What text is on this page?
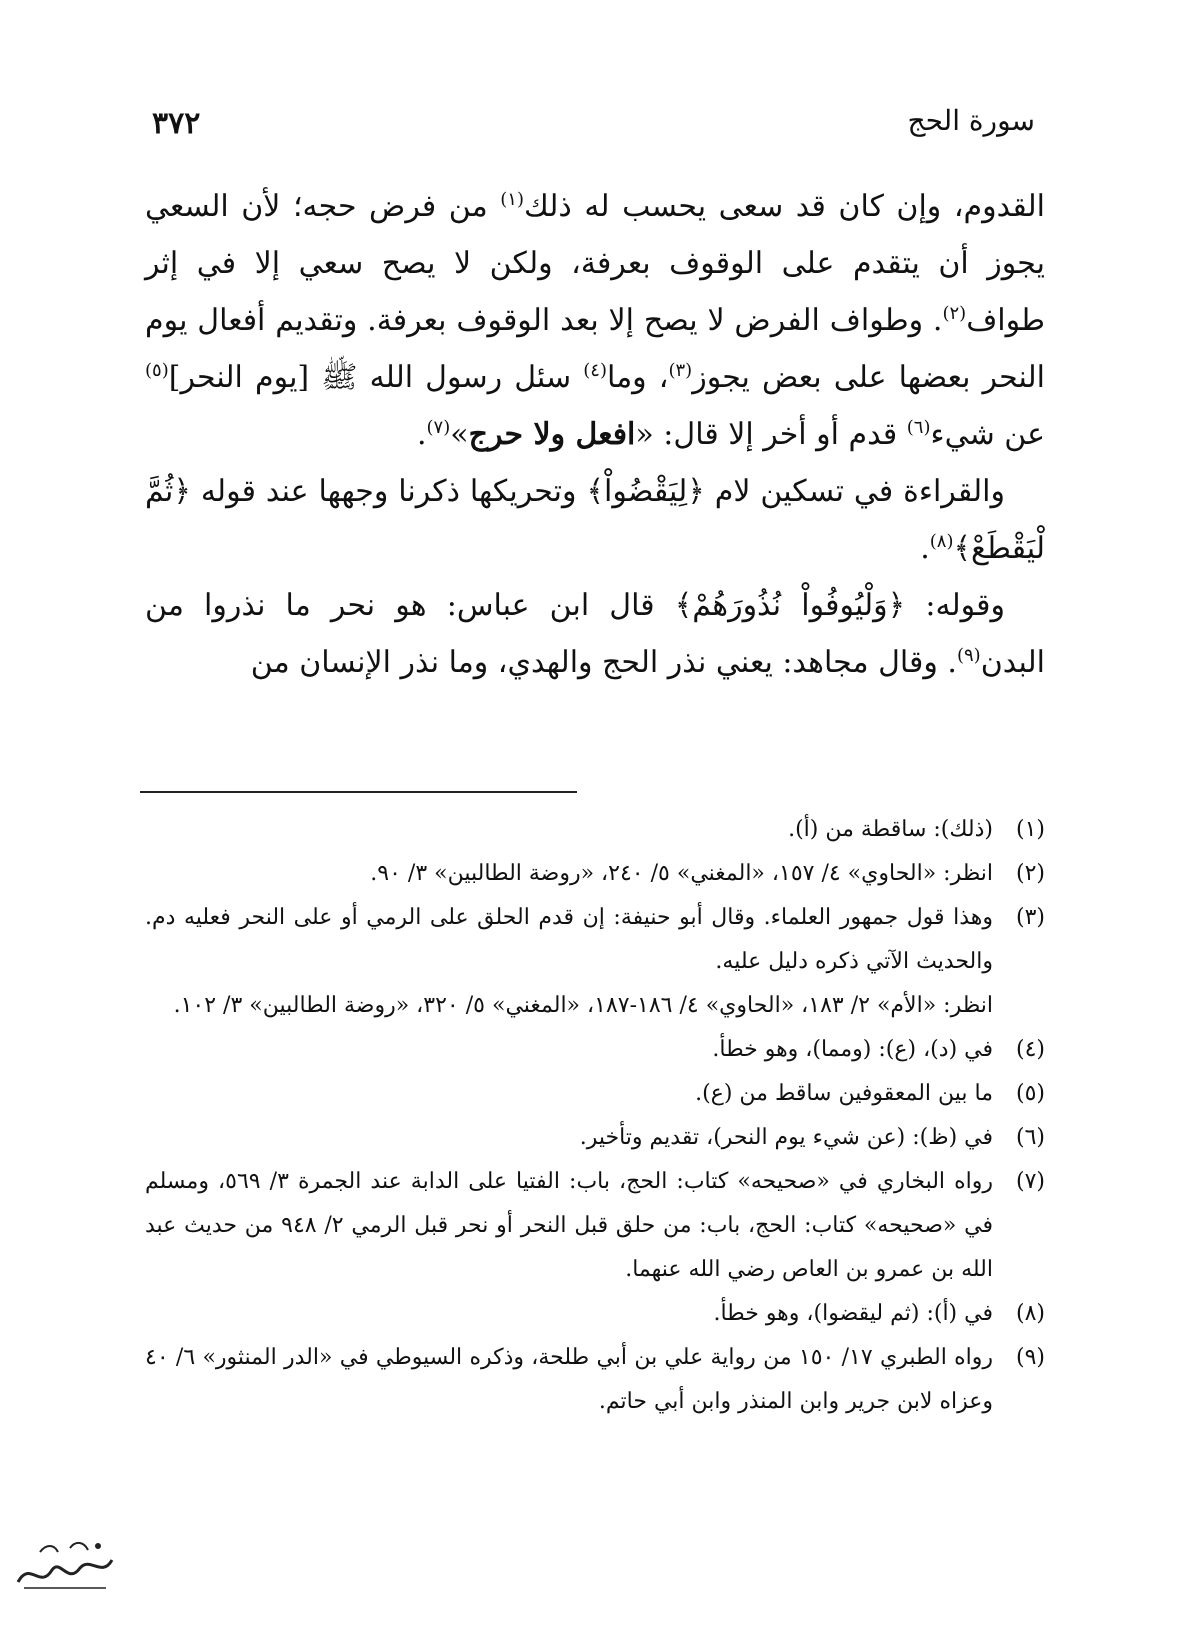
سورة الحج
٣٧٢

القدوم، وإن كان قد سعى يحسب له ذلك$^{(١)}$ من فرض حجه؛ لأن السعي يجوز أن يتقدم على الوقوف بعرفة، ولكن لا يصح سعي إلا في إثر طواف$^{(٢)}$. وطواف الفرض لا يصح إلا بعد الوقوف بعرفة. وتقديم أفعال يوم النحر بعضها على بعض يجوز$^{(٣)}$، وما$^{(٤)}$ سئل رسول الله ﷺ [يوم النحر]$^{(٥)}$ عن شيء$^{(٦)}$ قدم أو أخر إلا قال: «افعل ولا حرج»$^{(٧)}$.

والقراءة في تسكين لام ﴿لِيَقْضُواْ﴾ وتحريكها ذكرنا وجهها عند قوله ﴿ثُمَّ لْيَقْطَعْ﴾$^{(٨)}$.

وقوله: ﴿وَلْيُوفُواْ نُذُورَهُمْ﴾ قال ابن عباس: هو نحر ما نذروا من البدن$^{(٩)}$. وقال مجاهد: يعني نذر الحج والهدي، وما نذر الإنسان من

(١)

(ذلك): ساقطة من (أ).

(٢)

انظر: «الحاوي» ٤/ ١٥٧، «المغني» ٥/ ٢٤٠، «روضة الطالبين» ٣/ ٩٠.

(٣)

وهذا قول جمهور العلماء. وقال أبو حنيفة: إن قدم الحلق على الرمي أو على النحر فعليه دم. والحديث الآتي ذكره دليل عليه.

انظر: «الأم» ٢/ ١٨٣، «الحاوي» ٤/ ١٨٦-١٨٧، «المغني» ٥/ ٣٢٠، «روضة الطالبين» ٣/ ١٠٢.

(٤)

في (د)، (ع): (ومما)، وهو خطأ.

(٥)

ما بين المعقوفين ساقط من (ع).

(٦)

في (ظ): (عن شيء يوم النحر)، تقديم وتأخير.

(٧)

رواه البخاري في «صحيحه» كتاب: الحج، باب: الفتيا على الدابة عند الجمرة ٣/ ٥٦٩، ومسلم في «صحيحه» كتاب: الحج، باب: من حلق قبل النحر أو نحر قبل الرمي ٢/ ٩٤٨ من حديث عبد الله بن عمرو بن العاص رضي الله عنهما.

(٨)

في (أ): (ثم ليقضوا)، وهو خطأ.

(٩)

رواه الطبري ١٧/ ١٥٠ من رواية علي بن أبي طلحة، وذكره السيوطي في «الدر المنثور» ٦/ ٤٠ وعزاه لابن جرير وابن المنذر وابن أبي حاتم.
